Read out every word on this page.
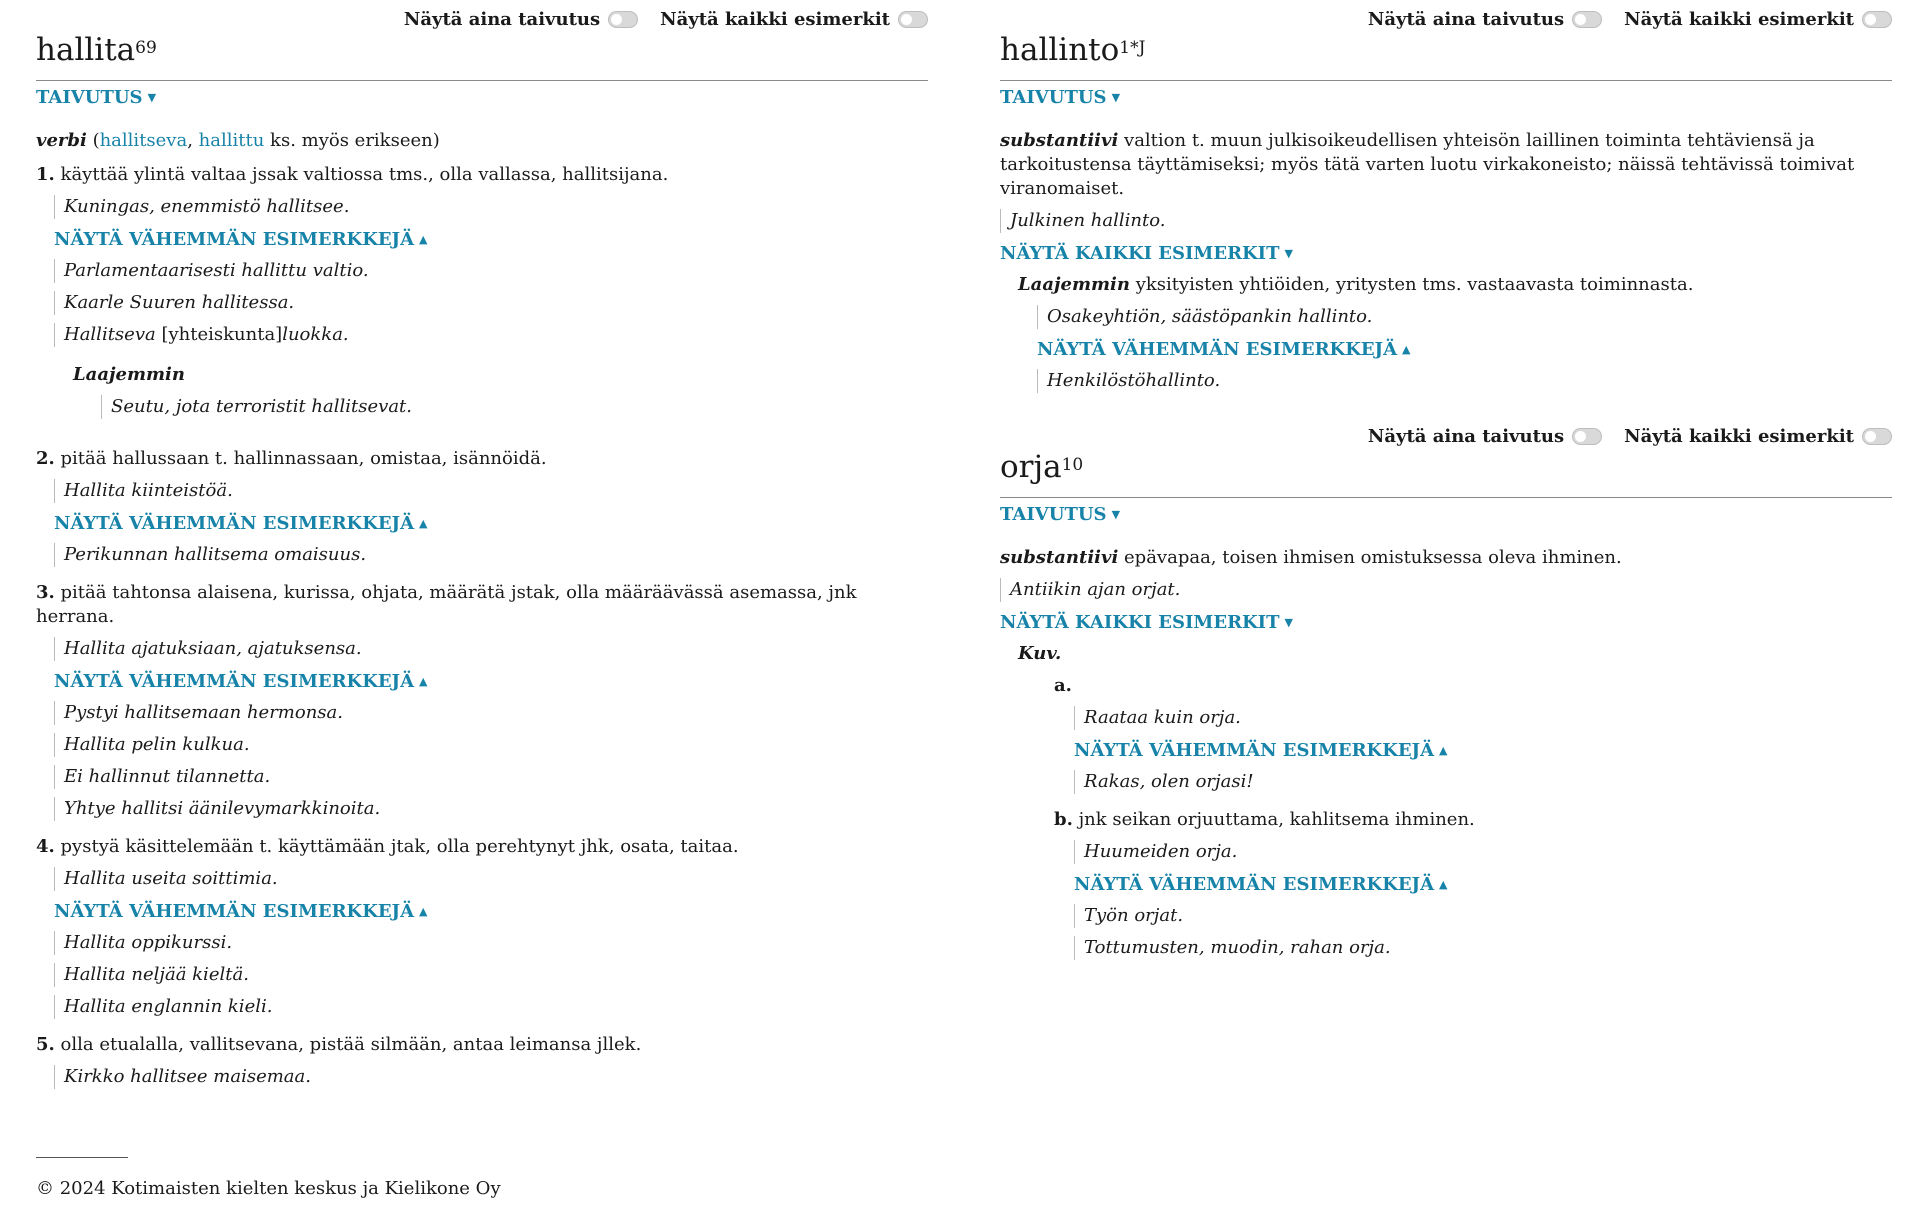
Näytä aina taivutus	Näytä kaikki esimerkit
hallita$^{69}$
TAIVUTUS ▼
verbi (hallitseva, hallittu ks. myös erikseen)
1. käyttää ylintä valtaa jssak valtiossa tms., olla vallassa, hallitsijana.
Kuningas, enemmistö hallitsee.
NÄYTÄ VÄHEMMÄN ESIMERKKEJÄ ▲
Parlamentaarisesti hallittu valtio.
Kaarle Suuren hallitessa.
Hallitseva [yhteiskunta]luokka.
Laajemmin
Seutu, jota terroristit hallitsevat.
2. pitää hallussaan t. hallinnassaan, omistaa, isännöidä.
Hallita kiinteistöä.
NÄYTÄ VÄHEMMÄN ESIMERKKEJÄ ▲
Perikunnan hallitsema omaisuus.
3. pitää tahtonsa alaisena, kurissa, ohjata, määrätä jstak, olla määräävässä asemassa, jnk herrana.
Hallita ajatuksiaan, ajatuksensa.
NÄYTÄ VÄHEMMÄN ESIMERKKEJÄ ▲
Pystyi hallitsemaan hermonsa.
Hallita pelin kulkua.
Ei hallinnut tilannetta.
Yhtye hallitsi äänilevymarkkinoita.
4. pystyä käsittelemään t. käyttämään jtak, olla perehtynyt jhk, osata, taitaa.
Hallita useita soittimia.
NÄYTÄ VÄHEMMÄN ESIMERKKEJÄ ▲
Hallita oppikurssi.
Hallita neljää kieltä.
Hallita englannin kieli.
5. olla etualalla, vallitsevana, pistää silmään, antaa leimansa jllek.
Kirkko hallitsee maisemaa.
© 2024 Kotimaisten kielten keskus ja Kielikone Oy
Näytä aina taivutus	Näytä kaikki esimerkit
hallinto$^{1*J}$
TAIVUTUS ▼
substantiivi valtion t. muun julkisoikeudellisen yhteisön laillinen toiminta tehtäviensä ja tarkoitustensa täyttämiseksi; myös tätä varten luotu virkakoneisto; näissä tehtävissä toimivat viranomaiset.
Julkinen hallinto.
NÄYTÄ KAIKKI ESIMERKIT ▼
Laajemmin yksityisten yhtiöiden, yritysten tms. vastaavasta toiminnasta.
Osakeyhtiön, säästöpankin hallinto.
NÄYTÄ VÄHEMMÄN ESIMERKKEJÄ ▲
Henkilöstöhallinto.
Näytä aina taivutus	Näytä kaikki esimerkit
orja$^{10}$
TAIVUTUS ▼
substantiivi epävapaa, toisen ihmisen omistuksessa oleva ihminen.
Antiikin ajan orjat.
NÄYTÄ KAIKKI ESIMERKIT ▼
Kuv.
a.
Raataa kuin orja.
NÄYTÄ VÄHEMMÄN ESIMERKKEJÄ ▲
Rakas, olen orjasi!
b. jnk seikan orjuuttama, kahlitsema ihminen.
Huumeiden orja.
NÄYTÄ VÄHEMMÄN ESIMERKKEJÄ ▲
Työn orjat.
Tottumusten, muodin, rahan orja.
